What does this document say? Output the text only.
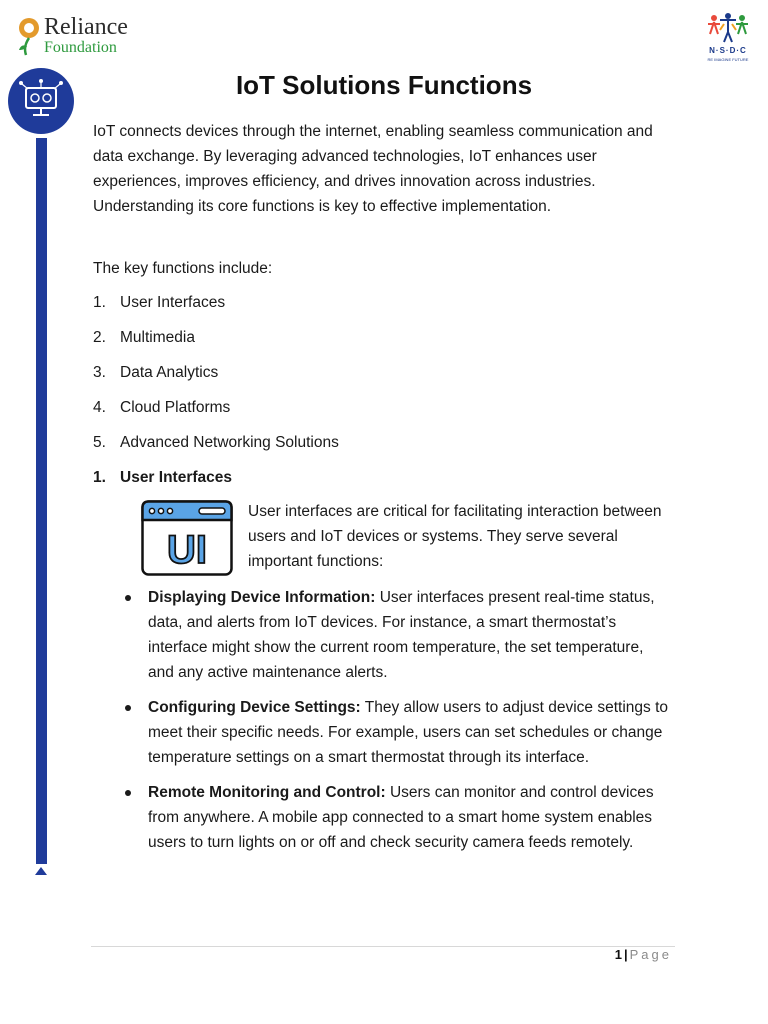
Reliance
Foundation	N·S·D·C
RE IMAGINE FUTURE
IoT Solutions Functions

IoT connects devices through the internet, enabling seamless communication and data exchange. By leveraging advanced technologies, IoT enhances user experiences, improves efficiency, and drives innovation across industries. Understanding its core functions is key to effective implementation.

The key functions include:

1. User Interfaces
2. Multimedia
3. Data Analytics
4. Cloud Platforms
5. Advanced Networking Solutions
1. User Interfaces
UI

User interfaces are critical for facilitating interaction between users and IoT devices or systems. They serve several important functions:

Displaying Device Information: User interfaces present real-time status, data, and alerts from IoT devices. For instance, a smart thermostat’s interface might show the current room temperature, the set temperature, and any active maintenance alerts.
Configuring Device Settings: They allow users to adjust device settings to meet their specific needs. For example, users can set schedules or change temperature settings on a smart thermostat through its interface.
Remote Monitoring and Control: Users can monitor and control devices from anywhere. A mobile app connected to a smart home system enables users to turn lights on or off and check security camera feeds remotely.
1 | Page
